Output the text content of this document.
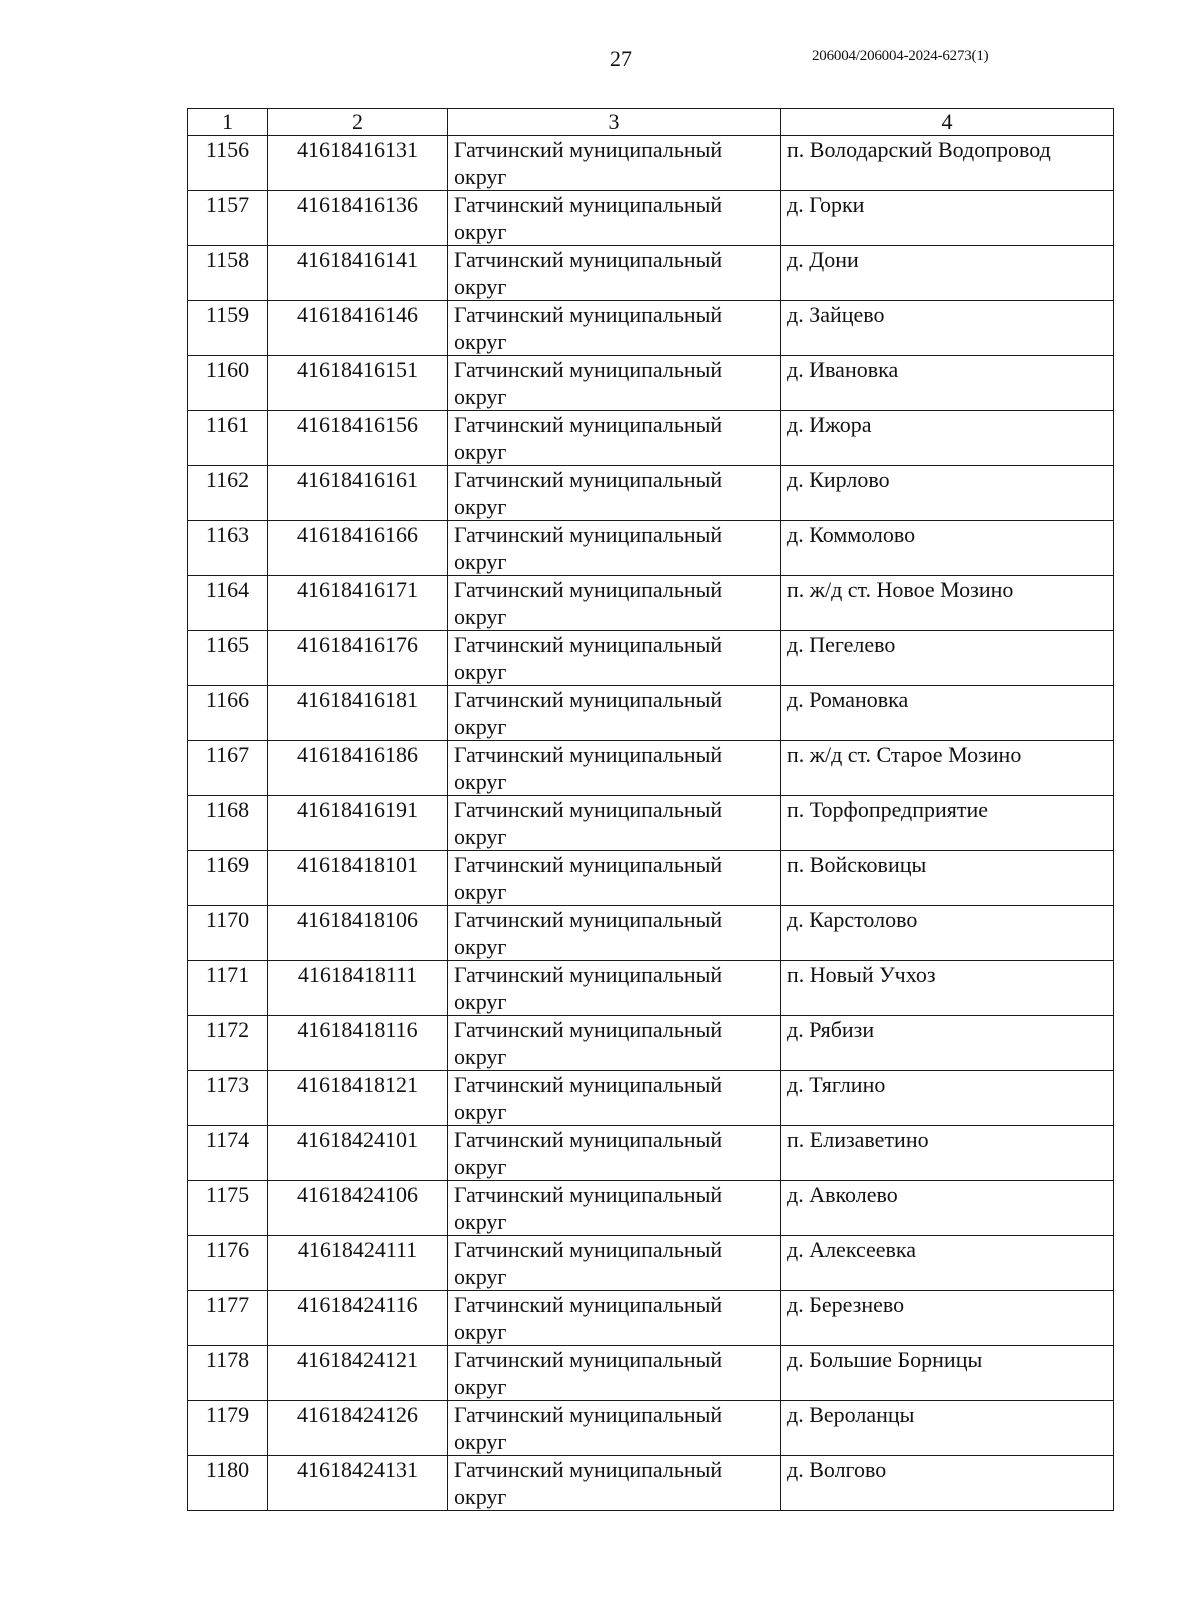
27	206004/206004-2024-6273(1)
1	2	3	4
1156	41618416131	Гатчинский муниципальный округ	п. Володарский Водопровод
1157	41618416136	Гатчинский муниципальный округ	д. Горки
1158	41618416141	Гатчинский муниципальный округ	д. Дони
1159	41618416146	Гатчинский муниципальный округ	д. Зайцево
1160	41618416151	Гатчинский муниципальный округ	д. Ивановка
1161	41618416156	Гатчинский муниципальный округ	д. Ижора
1162	41618416161	Гатчинский муниципальный округ	д. Кирлово
1163	41618416166	Гатчинский муниципальный округ	д. Коммолово
1164	41618416171	Гатчинский муниципальный округ	п. ж/д ст. Новое Мозино
1165	41618416176	Гатчинский муниципальный округ	д. Пегелево
1166	41618416181	Гатчинский муниципальный округ	д. Романовка
1167	41618416186	Гатчинский муниципальный округ	п. ж/д ст. Старое Мозино
1168	41618416191	Гатчинский муниципальный округ	п. Торфопредприятие
1169	41618418101	Гатчинский муниципальный округ	п. Войсковицы
1170	41618418106	Гатчинский муниципальный округ	д. Карстолово
1171	41618418111	Гатчинский муниципальный округ	п. Новый Учхоз
1172	41618418116	Гатчинский муниципальный округ	д. Рябизи
1173	41618418121	Гатчинский муниципальный округ	д. Тяглино
1174	41618424101	Гатчинский муниципальный округ	п. Елизаветино
1175	41618424106	Гатчинский муниципальный округ	д. Авколево
1176	41618424111	Гатчинский муниципальный округ	д. Алексеевка
1177	41618424116	Гатчинский муниципальный округ	д. Березнево
1178	41618424121	Гатчинский муниципальный округ	д. Большие Борницы
1179	41618424126	Гатчинский муниципальный округ	д. Вероланцы
1180	41618424131	Гатчинский муниципальный округ	д. Волгово
